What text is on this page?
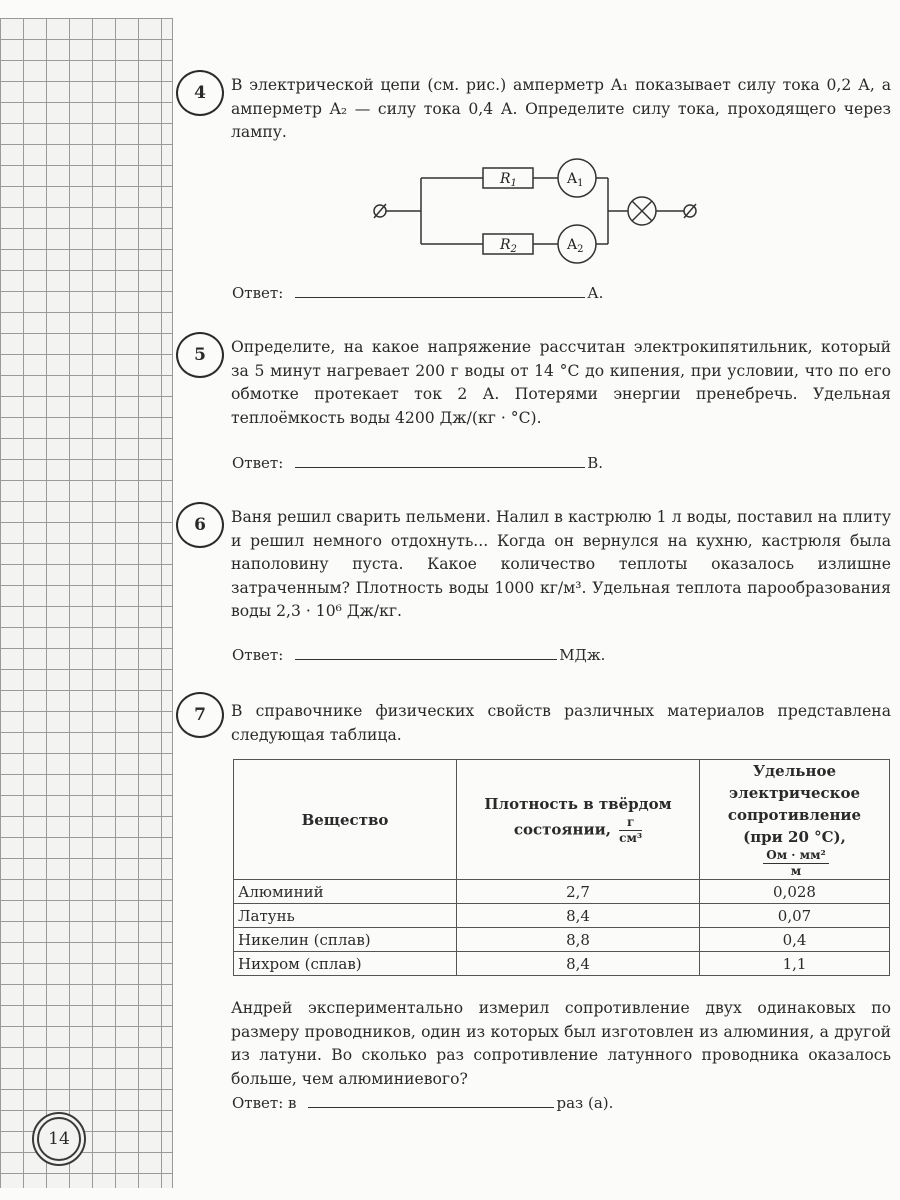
14
4	В электрической цепи (см. рис.) амперметр A₁ показывает силу тока 0,2 А, а амперметр A₂ — силу тока 0,4 А. Определите силу тока, проходящего через лампу.
$R_1$
$R_2$
$A_1$
$A_2$
Ответ:	А.
5	Определите, на какое напряжение рассчитан электрокипятильник, который за 5 минут нагревает 200 г воды от 14 °С до кипения, при условии, что по его обмотке протекает ток 2 А. Потерями энергии пренебречь. Удельная теплоёмкость воды 4200 Дж/(кг · °С).
Ответ:	В.
6	Ваня решил сварить пельмени. Налил в кастрюлю 1 л воды, поставил на плиту и решил немного отдохнуть... Когда он вернулся на кухню, кастрюля была наполовину пуста. Какое количество теплоты оказалось излишне затраченным? Плотность воды 1000 кг/м³. Удельная теплота парообразования воды 2,3 · 10⁶ Дж/кг.
Ответ:	МДж.
7	В справочнике физических свойств различных материалов представлена следующая таблица.
Вещество	Плотность в твёрдом состоянии, $\frac{г}{\text{см³}}$	Удельное электрическое сопротивление (при 20 °С),
$\frac{\text{Ом · мм²}}{м}$

Алюминий	2,7	0,028
Латунь	8,4	0,07
Никелин (сплав)	8,8	0,4
Нихром (сплав)	8,4	1,1
Андрей экспериментально измерил сопротивление двух одинаковых по размеру проводников, один из которых был изготовлен из алюминия, а другой из латуни. Во сколько раз сопротивление латунного проводника оказалось больше, чем алюминиевого?
Ответ: в	раз (а).
